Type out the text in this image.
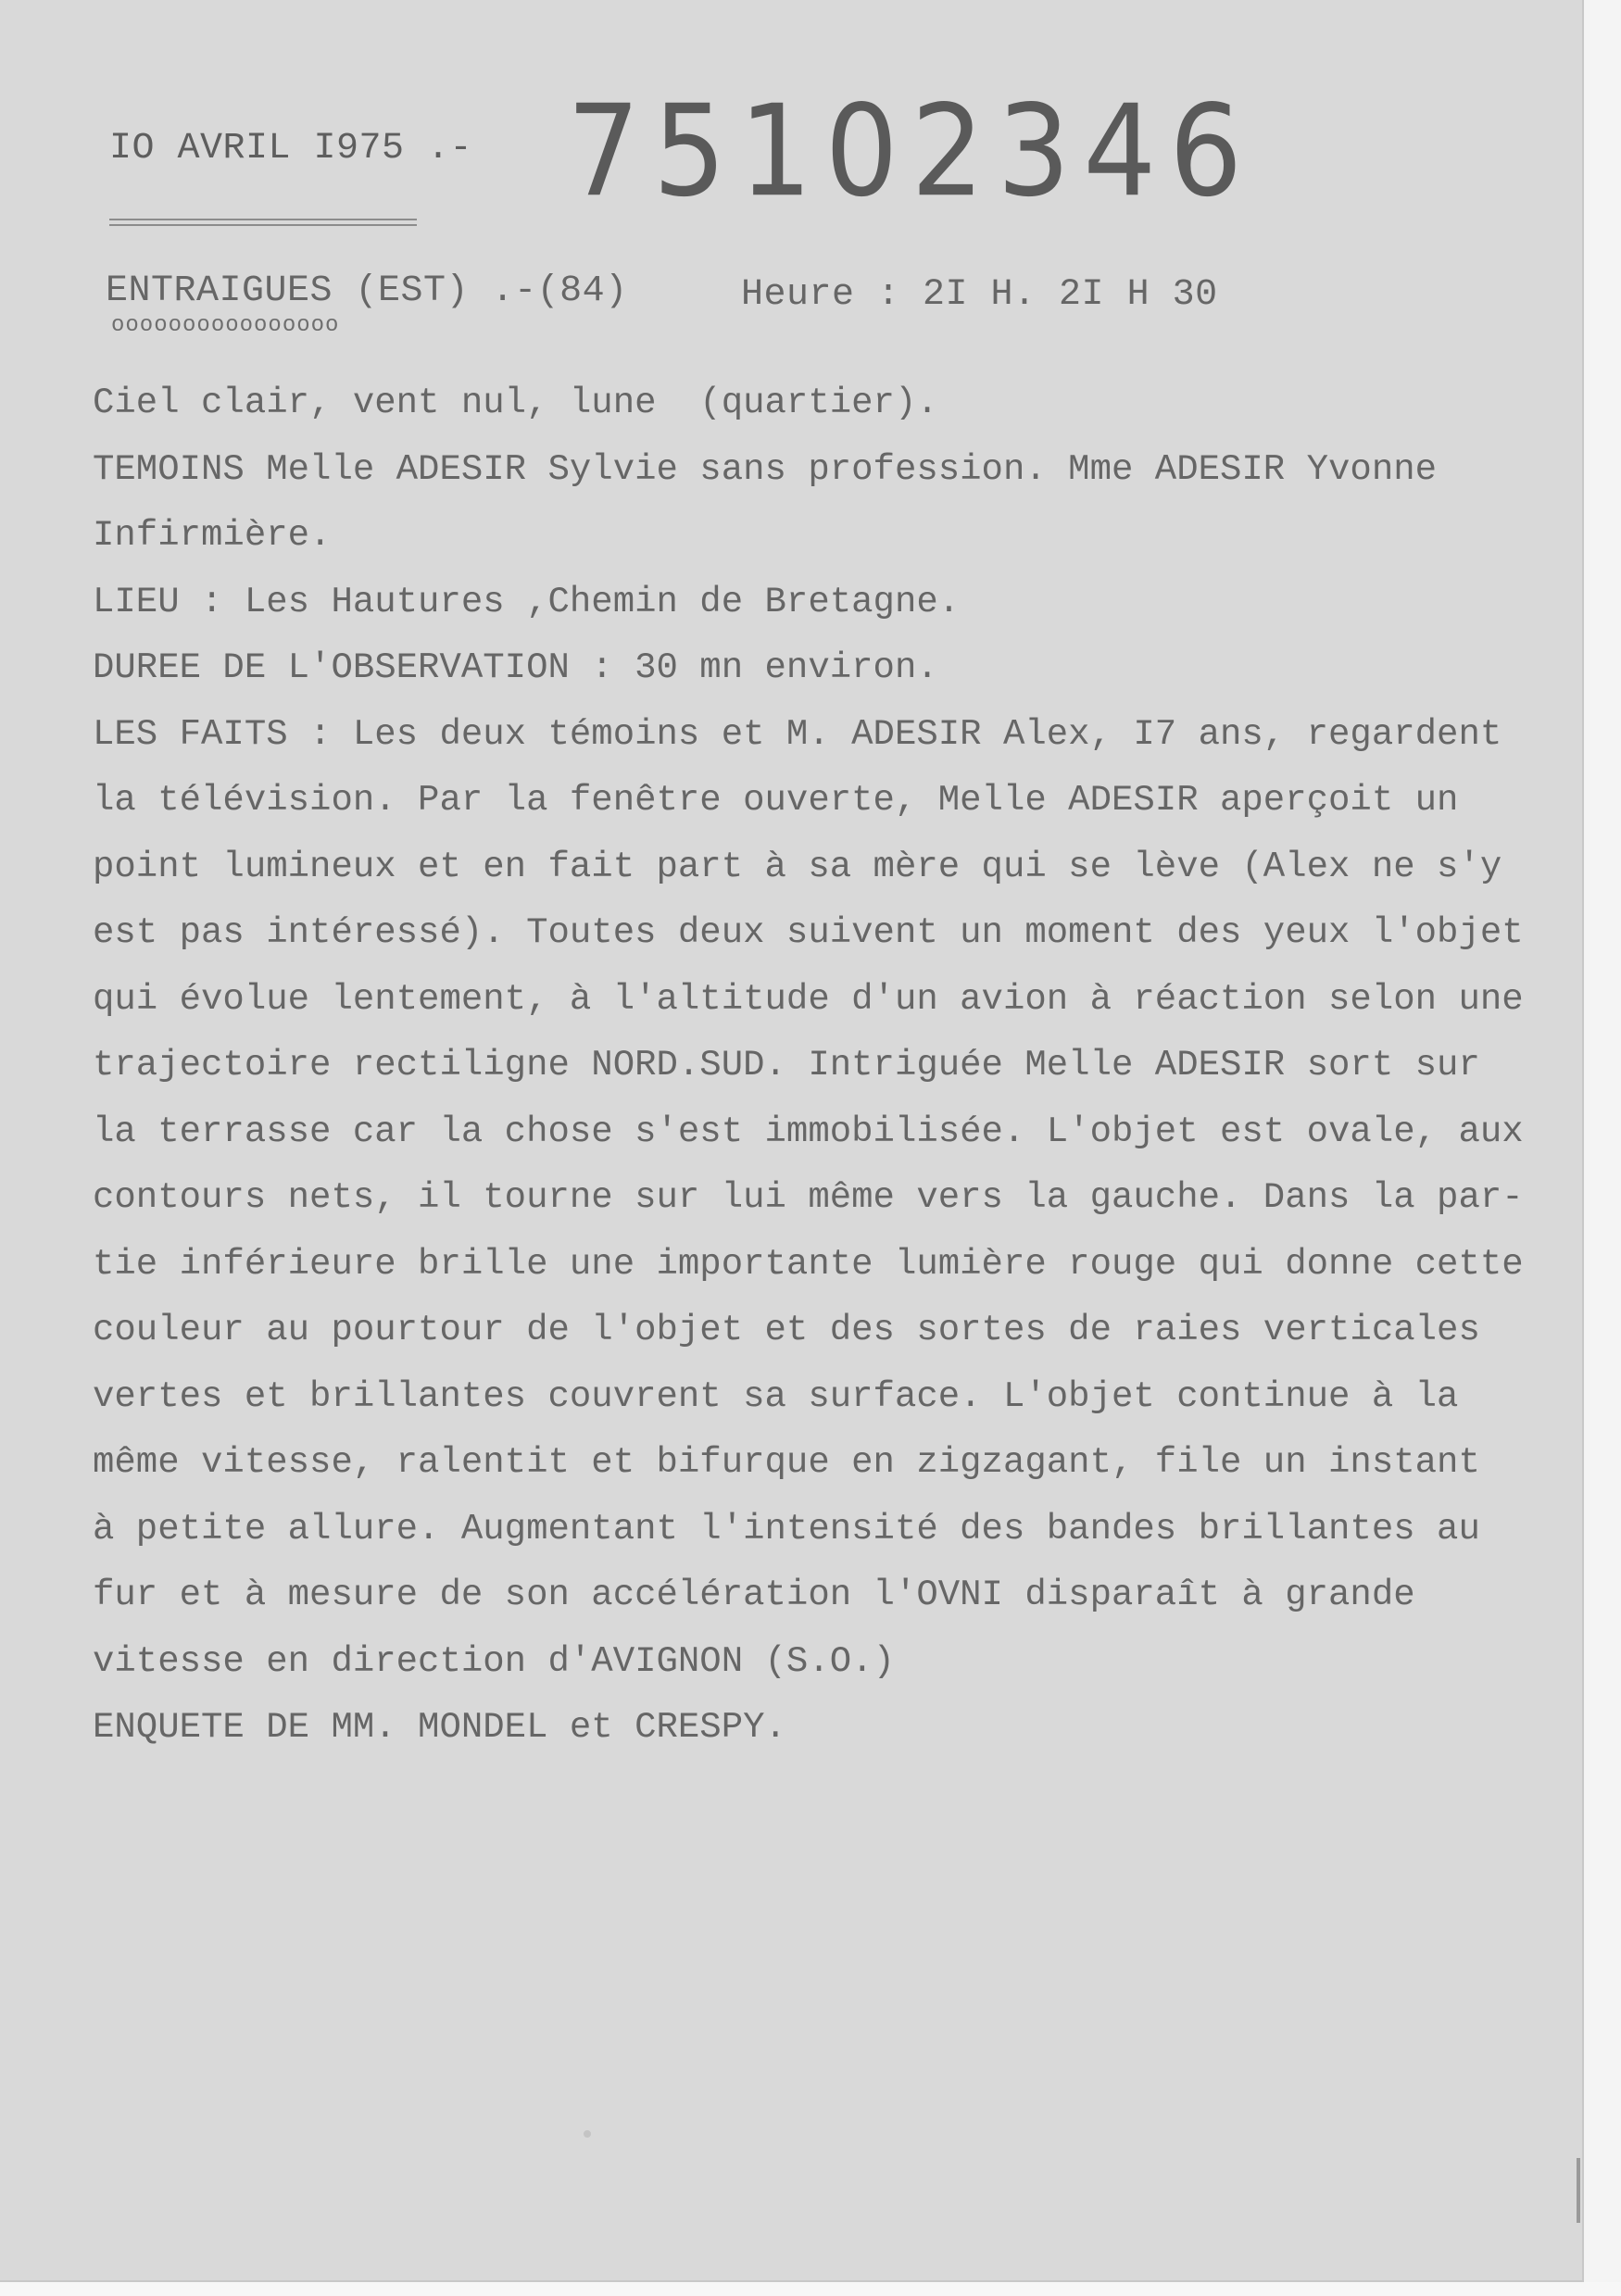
IO AVRIL I975 .- 75102346
ENTRAIGUES (EST) .-(84)
oooooooooooooooo
Heure : 2I H. 2I H 30
Ciel clair, vent nul, lune  (quartier).
TEMOINS Melle ADESIR Sylvie sans profession. Mme ADESIR Yvonne
Infirmière.
LIEU : Les Hautures ,Chemin de Bretagne.
DUREE DE L'OBSERVATION : 30 mn environ.
LES FAITS : Les deux témoins et M. ADESIR Alex, I7 ans, regardent
la télévision. Par la fenêtre ouverte, Melle ADESIR aperçoit un
point lumineux et en fait part à sa mère qui se lève (Alex ne s'y
est pas intéressé). Toutes deux suivent un moment des yeux l'objet
qui évolue lentement, à l'altitude d'un avion à réaction selon une
trajectoire rectiligne NORD.SUD. Intriguée Melle ADESIR sort sur
la terrasse car la chose s'est immobilisée. L'objet est ovale, aux
contours nets, il tourne sur lui même vers la gauche. Dans la par-
tie inférieure brille une importante lumière rouge qui donne cette
couleur au pourtour de l'objet et des sortes de raies verticales
vertes et brillantes couvrent sa surface. L'objet continue à la
même vitesse, ralentit et bifurque en zigzagant, file un instant
à petite allure. Augmentant l'intensité des bandes brillantes au
fur et à mesure de son accélération l'OVNI disparaît à grande
vitesse en direction d'AVIGNON (S.O.)
ENQUETE DE MM. MONDEL et CRESPY.
